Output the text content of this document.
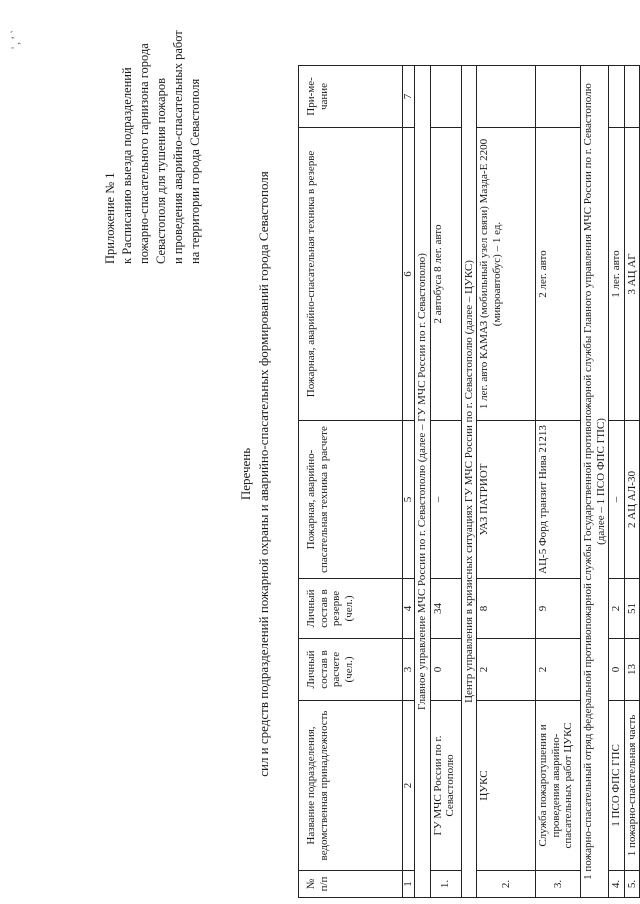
',’`
Приложение № 1 к Расписанию выезда подразделений пожарно-спасательного гарнизона города Севастополя для тушения пожаров и проведения аварийно-спасательных работ на территории города Севастополя
Перечень сил и средств подразделений пожарной охраны и аварийно-спасательных формирований города Севастополя
№ п/п	Название подразделения, ведомственная принадлежность	Личный состав в расчете (чел.)	Личный состав в резерве (чел.)	Пожарная, аварийно-спасательная техника в расчете	Пожарная, аварийно-спасательная техника в резерве	При-ме-чание
1	2	3	4	5	6	7
Главное управление МЧС России по г. Севастополю (далее – ГУ МЧС России по г. Севастополю)						
1.	ГУ МЧС России по г. Севастополю	0	34	–	2 автобуса 8 лег. авто	
Центр управления в кризисных ситуациях ГУ МЧС России по г. Севастополю (далее – ЦУКС)						
2.	ЦУКС	2	8	УАЗ ПАТРИОТ	1 лег. авто КАМАЗ (мобильный узел связи) Мазда-Е 2200 (микроавтобус) – 1 ед.	
3.	Служба пожаротушения и проведения аварийно-спасательных работ ЦУКС	2	9	АЦ-5 Форд транзит Нива 21213	2 лег. авто	
1 пожарно-спасательный отряд федеральной противопожарной службы Государственной противопожарной службы Главного управления МЧС России по г. Севастополю (далее – 1 ПСО ФПС ГПС)						
4.	1 ПСО ФПС ГПС	0	2	–	1 лег. авто	
5.	1 пожарно-спасательная часть	13	51	2 АЦ АЛ-30	3 АЦ АГ	
